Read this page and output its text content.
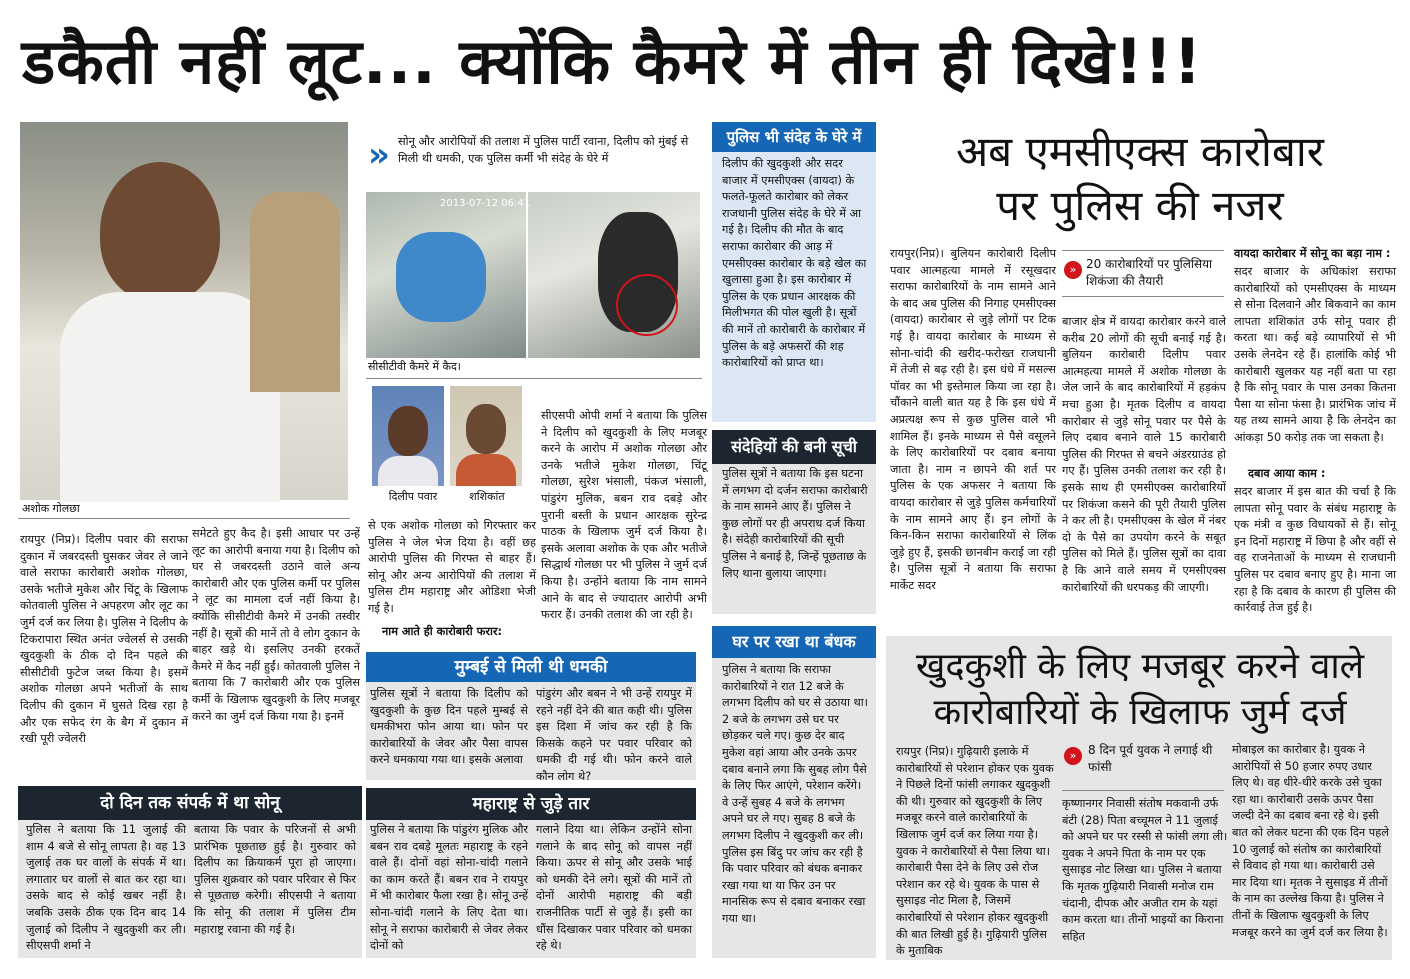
डकैती नहीं लूट... क्योंकि कैमरे में तीन ही दिखे!!!
अशोक गोलछा
रायपुर (निप्र)। दिलीप पवार की सराफा दुकान में जबरदस्ती घुसकर जेवर ले जाने वाले सराफा कारोबारी अशोक गोलछा, उसके भतीजे मुकेश और चिंटू के खिलाफ कोतवाली पुलिस ने अपहरण और लूट का जुर्म दर्ज कर लिया है। पुलिस ने दिलीप के टिकरापारा स्थित अनंत ज्वेलर्स से उसकी खुदकुशी के ठीक दो दिन पहले की सीसीटीवी फुटेज जब्त किया है। इसमें अशोक गोलछा अपने भतीजों के साथ दिलीप की दुकान में घुसते दिख रहा है और एक सफेद रंग के बैग में दुकान में रखी पूरी ज्वेलरी
समेटते हुए कैद है। इसी आधार पर उन्हें लूट का आरोपी बनाया गया है। दिलीप को घर से जबरदस्ती उठाने वाले अन्य कारोबारी और एक पुलिस कर्मी पर पुलिस ने लूट का मामला दर्ज नहीं किया है। क्योंकि सीसीटीवी कैमरे में उनकी तस्वीर नहीं है। सूत्रों की मानें तो वे लोग दुकान के बाहर खड़े थे। इसलिए उनकी हरकतें कैमरे में कैद नहीं हुईं। कोतवाली पुलिस ने बताया कि 7 कारोबारी और एक पुलिस कर्मी के खिलाफ खुदकुशी के लिए मजबूर करने का जुर्म दर्ज किया गया है। इनमें
से एक अशोक गोलछा को गिरफ्तार कर पुलिस ने जेल भेज दिया है। वहीं छह आरोपी पुलिस की गिरफ्त से बाहर हैं। सोनू और अन्य आरोपियों की तलाश में पुलिस टीम महाराष्ट्र और ओडिशा भेजी गई है।
नाम आते ही कारोबारी फरार:
सीएसपी ओपी शर्मा ने बताया कि पुलिस ने दिलीप को खुदकुशी के लिए मजबूर करने के आरोप में अशोक गोलछा और उनके भतीजे मुकेश गोलछा, चिंटू गोलछा, सुरेश भंसाली, पंकज भंसाली, पांडुरंग मुलिक, बबन राव दबड़े और पुरानी बस्ती के प्रधान आरक्षक सुरेन्द्र पाठक के खिलाफ जुर्म दर्ज किया है। इसके अलावा अशोक के एक और भतीजे सिद्धार्थ गोलछा पर भी पुलिस ने जुर्म दर्ज किया है। उन्होंने बताया कि नाम सामने आने के बाद से ज्यादातर आरोपी अभी फरार हैं। उनकी तलाश की जा रही है।
» सोनू और आरोपियों की तलाश में पुलिस पार्टी रवाना, दिलीप को मुंबई से मिली थी धमकी, एक पुलिस कर्मी भी संदेह के घेरे में
2013-07-12 06:41
सीसीटीवी कैमरे में कैद।
दिलीप पवार	शशिकांत
दो दिन तक संपर्क में था सोनू
पुलिस ने बताया कि 11 जुलाई की शाम 4 बजे से सोनू लापता है। वह 13 जुलाई तक घर वालों के संपर्क में था। लगातार घर वालों से बात कर रहा था। उसके बाद से कोई खबर नहीं है। जबकि उसके ठीक एक दिन बाद 14 जुलाई को दिलीप ने खुदकुशी कर ली। सीएसपी शर्मा ने
बताया कि पवार के परिजनों से अभी प्रारंभिक पूछताछ हुई है। गुरुवार को दिलीप का क्रियाकर्म पूरा हो जाएगा। पुलिस शुक्रवार को पवार परिवार से फिर से पूछताछ करेगी। सीएसपी ने बताया कि सोनू की तलाश में पुलिस टीम महाराष्ट्र रवाना की गई है।
मुम्बई से मिली थी धमकी
पुलिस सूत्रों ने बताया कि दिलीप को खुदकुशी के कुछ दिन पहले मुम्बई से धमकीभरा फोन आया था। फोन पर कारोबारियों के जेवर और पैसा वापस करने धमकाया गया था। इसके अलावा
पांडुरंग और बबन ने भी उन्हें रायपुर में रहने नहीं देने की बात कही थी। पुलिस इस दिशा में जांच कर रही है कि किसके कहने पर पवार परिवार को धमकी दी गई थी। फोन करने वाले कौन लोग थे?
महाराष्ट्र से जुड़े तार
पुलिस ने बताया कि पांडुरंग मुलिक और बबन राव दबड़े मूलतः महाराष्ट्र के रहने वाले हैं। दोनों वहां सोना-चांदी गलाने का काम करते हैं। बबन राव ने रायपुर में भी कारोबार फैला रखा है। सोनू उन्हें सोना-चांदी गलाने के लिए देता था। सोनू ने सराफा कारोबारी से जेवर लेकर दोनों को
गलाने दिया था। लेकिन उन्होंने सोना गलाने के बाद सोनू को वापस नहीं किया। ऊपर से सोनू और उसके भाई को धमकी देने लगे। सूत्रों की मानें तो दोनों आरोपी महाराष्ट्र की बड़ी राजनीतिक पार्टी से जुड़े हैं। इसी का धौंस दिखाकर पवार परिवार को धमका रहे थे।
पुलिस भी संदेह के घेरे में
दिलीप की खुदकुशी और सदर बाजार में एमसीएक्स (वायदा) के फलते-फूलते कारोबार को लेकर राजधानी पुलिस संदेह के घेरे में आ गई है। दिलीप की मौत के बाद सराफा कारोबार की आड़ में एमसीएक्स कारोबार के बड़े खेल का खुलासा हुआ है। इस कारोबार में पुलिस के एक प्रधान आरक्षक की मिलीभगत की पोल खुली है। सूत्रों की मानें तो कारोबारी के कारोबार में पुलिस के बड़े अफसरों की शह कारोबारियों को प्राप्त था।
संदेहियों की बनी सूची
पुलिस सूत्रों ने बताया कि इस घटना में लगभग दो दर्जन सराफा कारोबारी के नाम सामने आए हैं। पुलिस ने कुछ लोगों पर ही अपराध दर्ज किया है। संदेही कारोबारियों की सूची पुलिस ने बनाई है, जिन्हें पूछताछ के लिए थाना बुलाया जाएगा।
घर पर रखा था बंधक
पुलिस ने बताया कि सराफा कारोबारियों ने रात 12 बजे के लगभग दिलीप को घर से उठाया था। 2 बजे के लगभग उसे घर पर छोड़कर चले गए। कुछ देर बाद मुकेश वहां आया और उनके ऊपर दबाव बनाने लगा कि सुबह लोग पैसे के लिए फिर आएंगे, परेशान करेंगे। वे उन्हें सुबह 4 बजे के लगभग अपने घर ले गए। सुबह 8 बजे के लगभग दिलीप ने खुदकुशी कर ली। पुलिस इस बिंदु पर जांच कर रही है कि पवार परिवार को बंधक बनाकर रखा गया था या फिर उन पर मानसिक रूप से दबाव बनाकर रखा गया था।
अब एमसीएक्स कारोबार
पर पुलिस की नजर
रायपुर(निप्र)। बुलियन कारोबारी दिलीप पवार आत्महत्या मामले में रसूखदार सराफा कारोबारियों के नाम सामने आने के बाद अब पुलिस की निगाह एमसीएक्स (वायदा) कारोबार से जुड़े लोगों पर टिक गई है। वायदा कारोबार के माध्यम से सोना-चांदी की खरीद-फरोख्त राजधानी में तेजी से बढ़ रही है। इस धंधे में मसल्स पॉवर का भी इस्तेमाल किया जा रहा है। चौंकाने वाली बात यह है कि इस धंधे में अप्रत्यक्ष रूप से कुछ पुलिस वाले भी शामिल हैं। इनके माध्यम से पैसे वसूलने के लिए कारोबारियों पर दबाव बनाया जाता है। नाम न छापने की शर्त पर पुलिस के एक अफसर ने बताया कि वायदा कारोबार से जुड़े पुलिस कर्मचारियों के नाम सामने आए हैं। इन लोगों के किन-किन सराफा कारोबारियों से लिंक जुड़े हुए हैं, इसकी छानबीन कराई जा रही है। पुलिस सूत्रों ने बताया कि सराफा मार्केट सदर
» 20 कारोबारियों पर पुलिसिया शिकंजा की तैयारी
बाजार क्षेत्र में वायदा कारोबार करने वाले करीब 20 लोगों की सूची बनाई गई है। बुलियन कारोबारी दिलीप पवार आत्महत्या मामले में अशोक गोलछा के जेल जाने के बाद कारोबारियों में हड़कंप मचा हुआ है। मृतक दिलीप व वायदा कारोबार से जुड़े सोनू पवार पर पैसे के लिए दबाव बनाने वाले 15 कारोबारी पुलिस की गिरफ्त से बचने अंडरग्राउंड हो गए हैं। पुलिस उनकी तलाश कर रही है। इसके साथ ही एमसीएक्स कारोबारियों पर शिकंजा कसने की पूरी तैयारी पुलिस ने कर ली है। एमसीएक्स के खेल में नंबर दो के पैसे का उपयोग करने के सबूत पुलिस को मिले हैं। पुलिस सूत्रों का दावा है कि आने वाले समय में एमसीएक्स कारोबारियों की धरपकड़ की जाएगी।
वायदा कारोबार में सोनू का बड़ा नाम :
सदर बाजार के अधिकांश सराफा कारोबारियों को एमसीएक्स के माध्यम से सोना दिलवाने और बिकवाने का काम लापता शशिकांत उर्फ सोनू पवार ही करता था। कई बड़े व्यापारियों से भी उसके लेनदेन रहे हैं। हालांकि कोई भी कारोबारी खुलकर यह नहीं बता पा रहा है कि सोनू पवार के पास उनका कितना पैसा या सोना फंसा है। प्रारंभिक जांच में यह तथ्य सामने आया है कि लेनदेन का आंकड़ा 50 करोड़ तक जा सकता है।
दबाव आया काम :
सदर बाजार में इस बात की चर्चा है कि लापता सोनू पवार के संबंध महाराष्ट्र के एक मंत्री व कुछ विधायकों से हैं। सोनू इन दिनों महाराष्ट्र में छिपा है और वहीं से वह राजनेताओं के माध्यम से राजधानी पुलिस पर दबाव बनाए हुए है। माना जा रहा है कि दबाव के कारण ही पुलिस की कार्रवाई तेज हुई है।
खुदकुशी के लिए मजबूर करने वाले
कारोबारियों के खिलाफ जुर्म दर्ज
रायपुर (निप्र)। गुढ़ियारी इलाके में कारोबारियों से परेशान होकर एक युवक ने पिछले दिनों फांसी लगाकर खुदकुशी की थी। गुरुवार को खुदकुशी के लिए मजबूर करने वाले कारोबारियों के खिलाफ जुर्म दर्ज कर लिया गया है। युवक ने कारोबारियों से पैसा लिया था। कारोबारी पैसा देने के लिए उसे रोज परेशान कर रहे थे। युवक के पास से सुसाइड नोट मिला है, जिसमें कारोबारियों से परेशान होकर खुदकुशी की बात लिखी हुई है। गुढ़ियारी पुलिस के मुताबिक
» 8 दिन पूर्व युवक ने लगाई थी फांसी
कृष्णानगर निवासी संतोष मकवानी उर्फ बंटी (28) पिता बच्चूमल ने 11 जुलाई को अपने घर पर रस्सी से फांसी लगा ली। युवक ने अपने पिता के नाम पर एक सुसाइड नोट लिखा था। पुलिस ने बताया कि मृतक गुढ़ियारी निवासी मनोज राम चंदानी, दीपक और अजीत राम के यहां काम करता था। तीनों भाइयों का किराना सहित
मोबाइल का कारोबार है। युवक ने आरोपियों से 50 हजार रुपए उधार लिए थे। वह धीरे-धीरे करके उसे चुका रहा था। कारोबारी उसके ऊपर पैसा जल्दी देने का दबाव बना रहे थे। इसी बात को लेकर घटना की एक दिन पहले 10 जुलाई को संतोष का कारोबारियों से विवाद हो गया था। कारोबारी उसे मार दिया था। मृतक ने सुसाइड में तीनों के नाम का उल्लेख किया है। पुलिस ने तीनों के खिलाफ खुदकुशी के लिए मजबूर करने का जुर्म दर्ज कर लिया है।
